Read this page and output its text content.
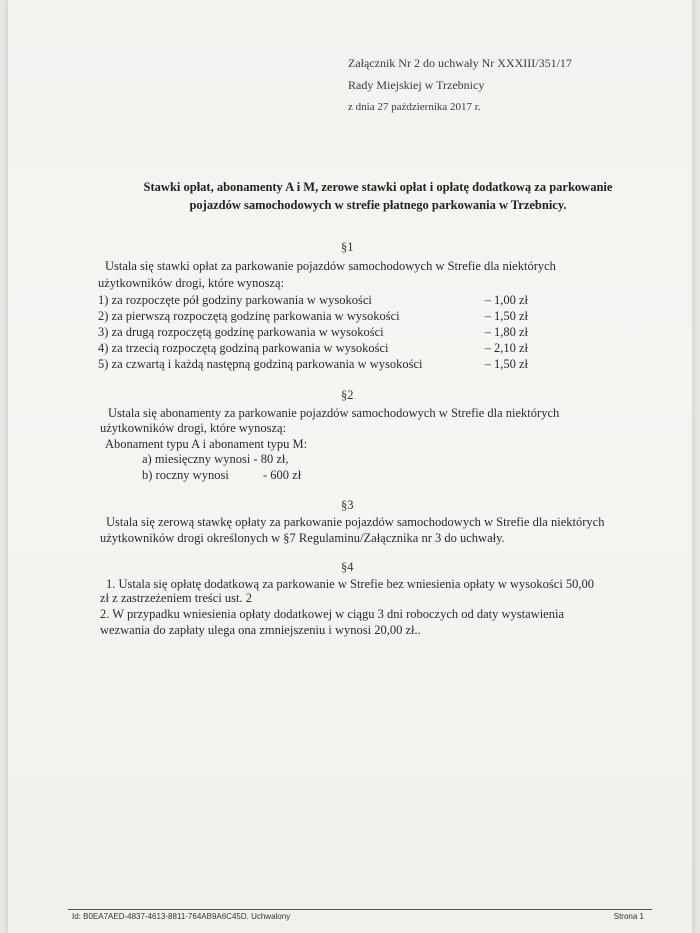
Załącznik Nr 2 do uchwały Nr XXXIII/351/17
Rady Miejskiej w Trzebnicy
z dnia 27 października 2017 r.
Stawki opłat, abonamenty A i M, zerowe stawki opłat i opłatę dodatkową za parkowanie
pojazdów samochodowych w strefie płatnego parkowania w Trzebnicy.
§1
Ustala się stawki opłat za parkowanie pojazdów samochodowych w Strefie dla niektórych
użytkowników drogi, które wynoszą:
1) za rozpoczęte pół godziny parkowania w wysokości	– 1,00 zł
2) za pierwszą rozpoczętą godzinę parkowania w wysokości	– 1,50 zł
3) za drugą rozpoczętą godzinę parkowania w wysokości	– 1,80 zł
4) za trzecią rozpoczętą godziną parkowania w wysokości	– 2,10 zł
5) za czwartą i każdą następną godziną parkowania w wysokości	– 1,50 zł
§2
Ustala się abonamenty za parkowanie pojazdów samochodowych w Strefie dla niektórych
użytkowników drogi, które wynoszą:
Abonament typu A i abonament typu M:
a) miesięczny wynosi - 80 zł,
b) roczny wynosi	- 600 zł
§3
Ustala się zerową stawkę opłaty za parkowanie pojazdów samochodowych w Strefie dla niektórych
użytkowników drogi określonych w §7 Regulaminu/Załącznika nr 3 do uchwały.
§4
1. Ustala się opłatę dodatkową za parkowanie w Strefie bez wniesienia opłaty w wysokości 50,00
zł z zastrzeżeniem treści ust. 2
2. W przypadku wniesienia opłaty dodatkowej w ciągu 3 dni roboczych od daty wystawienia
wezwania do zapłaty ulega ona zmniejszeniu i wynosi 20,00 zł..
Id: B0EA7AED-4837-4613-8811-764AB9A6C45D. Uchwalony	Strona 1
